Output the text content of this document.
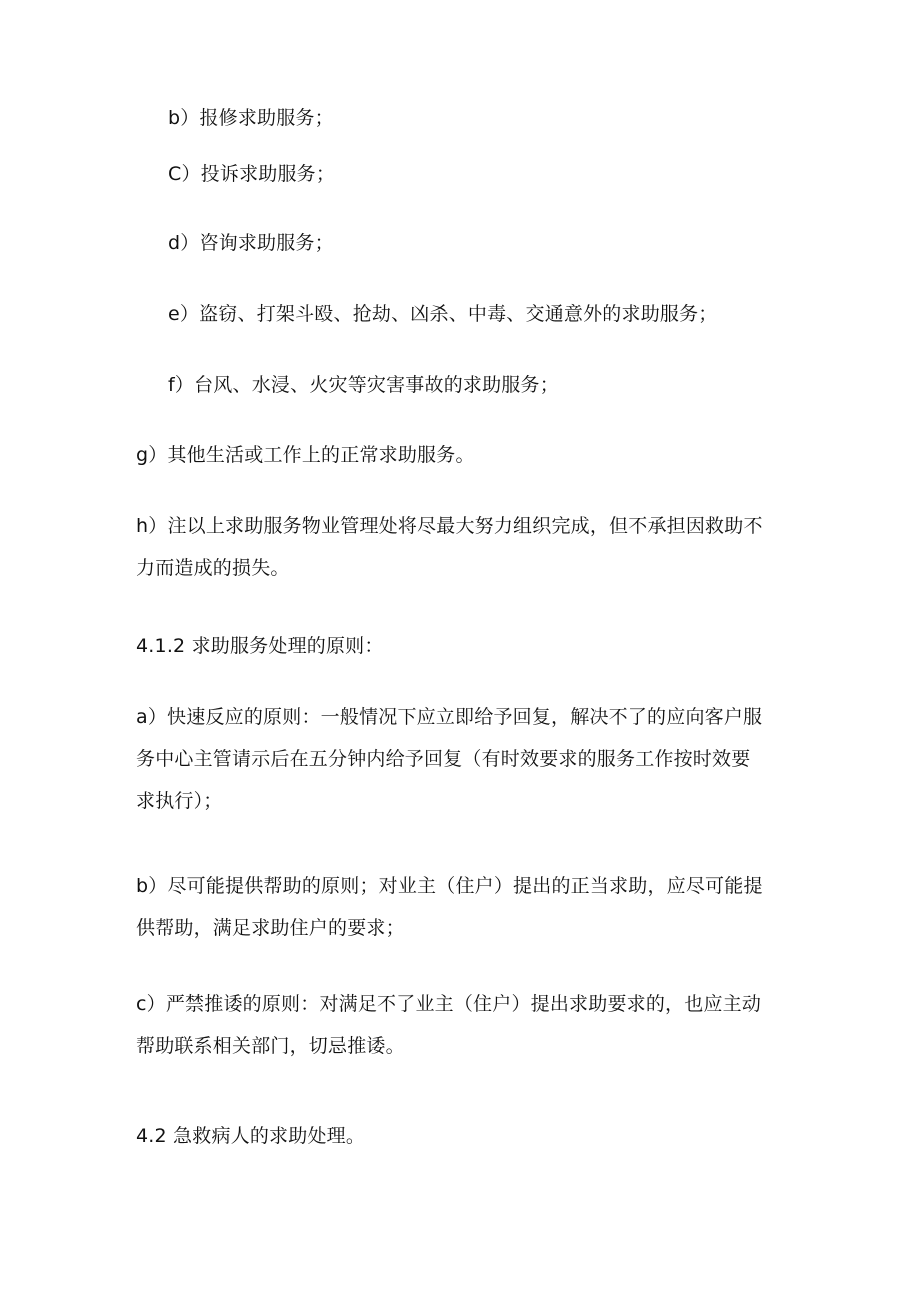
b）报修求助服务；

C）投诉求助服务；

d）咨询求助服务；

e）盗窃、打架斗殴、抢劫、凶杀、中毒、交通意外的求助服务；

f）台风、水浸、火灾等灾害事故的求助服务；

g）其他生活或工作上的正常求助服务。

h）注以上求助服务物业管理处将尽最大努力组织完成，但不承担因救助不
力而造成的损失。

4.1.2 求助服务处理的原则：

a）快速反应的原则：一般情况下应立即给予回复，解决不了的应向客户服
务中心主管请示后在五分钟内给予回复（有时效要求的服务工作按时效要
求执行）；
b）尽可能提供帮助的原则；对业主（住户）提出的正当求助，应尽可能提
供帮助，满足求助住户的要求；
c）严禁推诿的原则：对满足不了业主（住户）提出求助要求的，也应主动
帮助联系相关部门，切忌推诿。

4.2 急救病人的求助处理。
